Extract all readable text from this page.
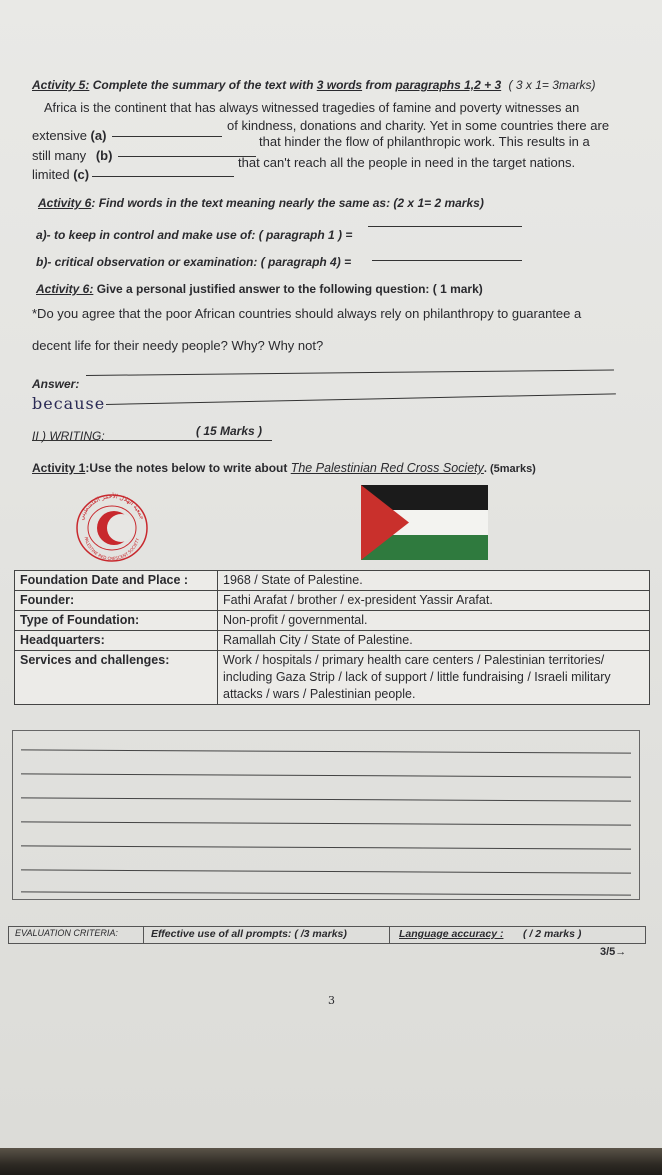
Activity 5: Complete the summary of the text with 3 words from paragraphs 1,2 + 3 ( 3 x 1= 3marks)
Africa is the continent that has always witnessed tragedies of famine and poverty witnesses an
extensive (a)
of kindness, donations and charity. Yet in some countries there are
still many (b)
that hinder the flow of philanthropic work. This results in a
limited (c)
that can't reach all the people in need in the target nations.
Activity 6: Find words in the text meaning nearly the same as: (2 x 1= 2 marks)
a)- to keep in control and make use of: ( paragraph 1 ) =
b)- critical observation or examination: ( paragraph 4) =
Activity 6: Give a personal justified answer to the following question: ( 1 mark)
*Do you agree that the poor African countries should always rely on philanthropy to guarantee a
decent life for their needy people? Why? Why not?
Answer:
because
II ) WRITING:	( 15 Marks )
Activity 1:Use the notes below to write about The Palestinian Red Cross Society. (5marks)
جمعية الهلال الأحمر الفلسطيني
PALESTINE RED CRESCENT SOCIETY
Foundation Date and Place :	1968 / State of Palestine.
Founder:	Fathi Arafat / brother / ex-president Yassir Arafat.
Type of Foundation:	Non-profit / governmental.
Headquarters:	Ramallah City / State of Palestine.
Services and challenges:	Work / hospitals / primary health care centers / Palestinian territories/ including Gaza Strip / lack of support / little fundraising / Israeli military attacks / wars / Palestinian people.
EVALUATION CRITERIA:	Effective use of all prompts: ( /3 marks)	Language accuracy : ( / 2 marks )
3/5→
3
